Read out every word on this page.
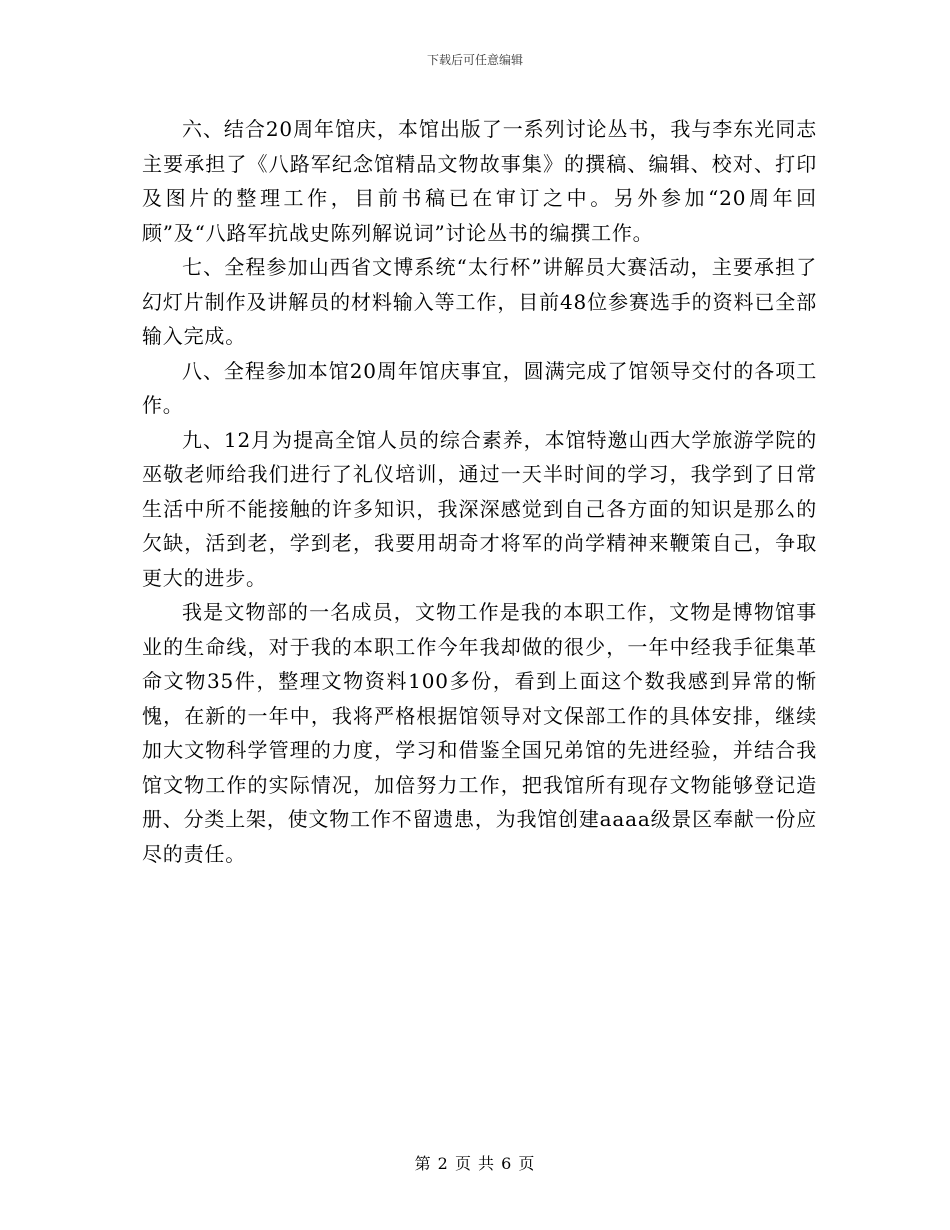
下载后可任意编辑

六、结合20周年馆庆，本馆出版了一系列讨论丛书，我与李东光同志主要承担了《八路军纪念馆精品文物故事集》的撰稿、编辑、校对、打印及图片的整理工作，目前书稿已在审订之中。另外参加“20周年回顾”及“八路军抗战史陈列解说词”讨论丛书的编撰工作。

七、全程参加山西省文博系统“太行杯”讲解员大赛活动，主要承担了幻灯片制作及讲解员的材料输入等工作，目前48位参赛选手的资料已全部输入完成。

八、全程参加本馆20周年馆庆事宜，圆满完成了馆领导交付的各项工作。

九、12月为提高全馆人员的综合素养，本馆特邀山西大学旅游学院的巫敬老师给我们进行了礼仪培训，通过一天半时间的学习，我学到了日常生活中所不能接触的许多知识，我深深感觉到自己各方面的知识是那么的欠缺，活到老，学到老，我要用胡奇才将军的尚学精神来鞭策自己，争取更大的进步。

我是文物部的一名成员，文物工作是我的本职工作，文物是博物馆事业的生命线，对于我的本职工作今年我却做的很少，一年中经我手征集革命文物35件，整理文物资料100多份，看到上面这个数我感到异常的惭愧，在新的一年中，我将严格根据馆领导对文保部工作的具体安排，继续加大文物科学管理的力度，学习和借鉴全国兄弟馆的先进经验，并结合我馆文物工作的实际情况，加倍努力工作，把我馆所有现存文物能够登记造册、分类上架，使文物工作不留遗患，为我馆创建aaaa级景区奉献一份应尽的责任。

第 2 页 共 6 页
